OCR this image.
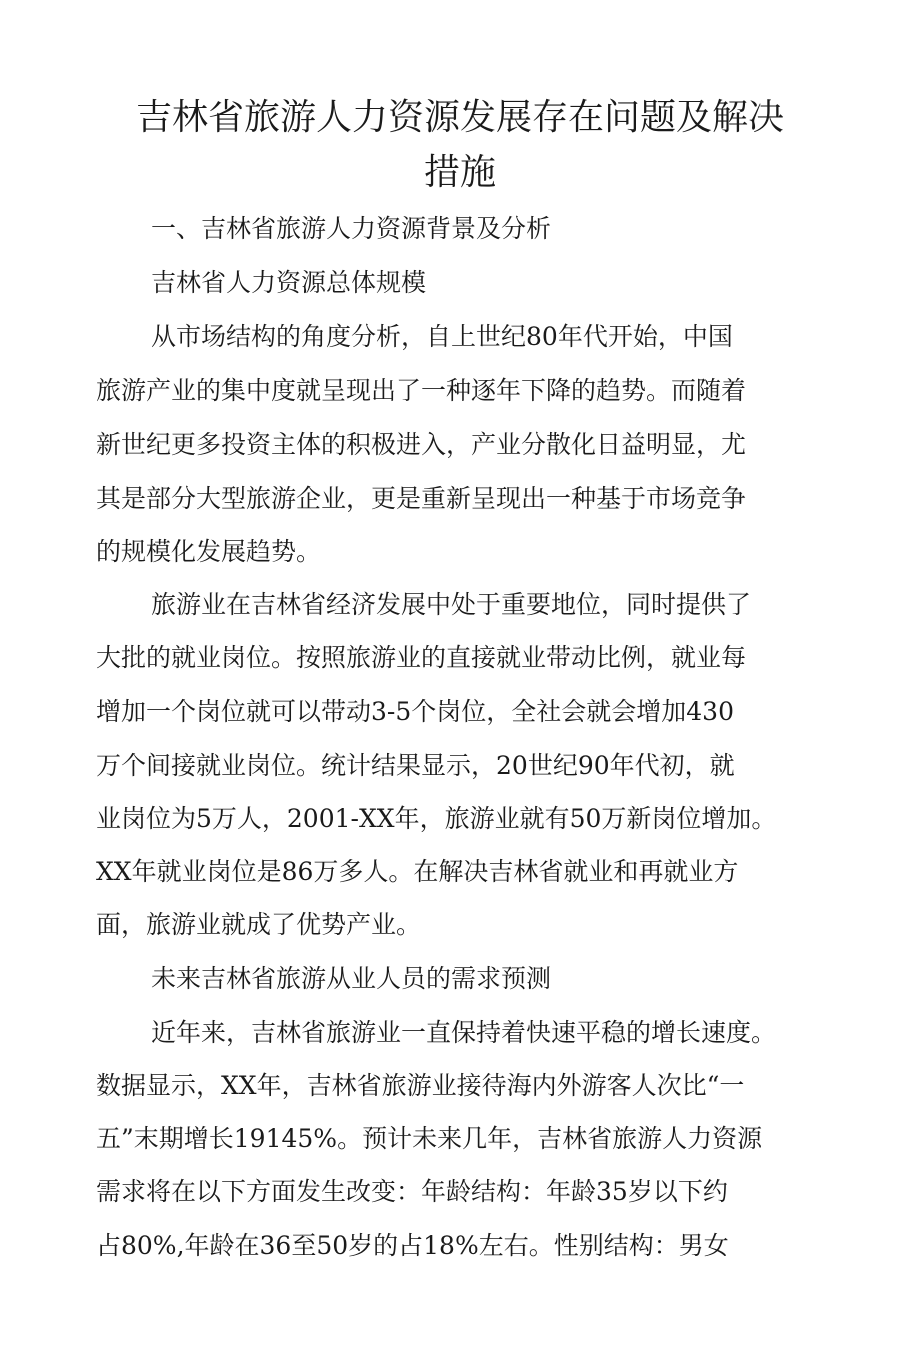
吉林省旅游人力资源发展存在问题及解决
措施

一、吉林省旅游人力资源背景及分析

吉林省人力资源总体规模

从市场结构的角度分析，自上世纪80年代开始，中国

旅游产业的集中度就呈现出了一种逐年下降的趋势。而随着

新世纪更多投资主体的积极进入，产业分散化日益明显，尤

其是部分大型旅游企业，更是重新呈现出一种基于市场竞争

的规模化发展趋势。

旅游业在吉林省经济发展中处于重要地位，同时提供了

大批的就业岗位。按照旅游业的直接就业带动比例，就业每

增加一个岗位就可以带动3-5个岗位，全社会就会增加430

万个间接就业岗位。统计结果显示，20世纪90年代初，就

业岗位为5万人，2001-XX年，旅游业就有50万新岗位增加。

XX年就业岗位是86万多人。在解决吉林省就业和再就业方

面，旅游业就成了优势产业。

未来吉林省旅游从业人员的需求预测

近年来，吉林省旅游业一直保持着快速平稳的增长速度。

数据显示，XX年，吉林省旅游业接待海内外游客人次比“一

五”末期增长19145%。预计未来几年，吉林省旅游人力资源

需求将在以下方面发生改变：年龄结构：年龄35岁以下约

占80%,年龄在36至50岁的占18%左右。性别结构：男女
